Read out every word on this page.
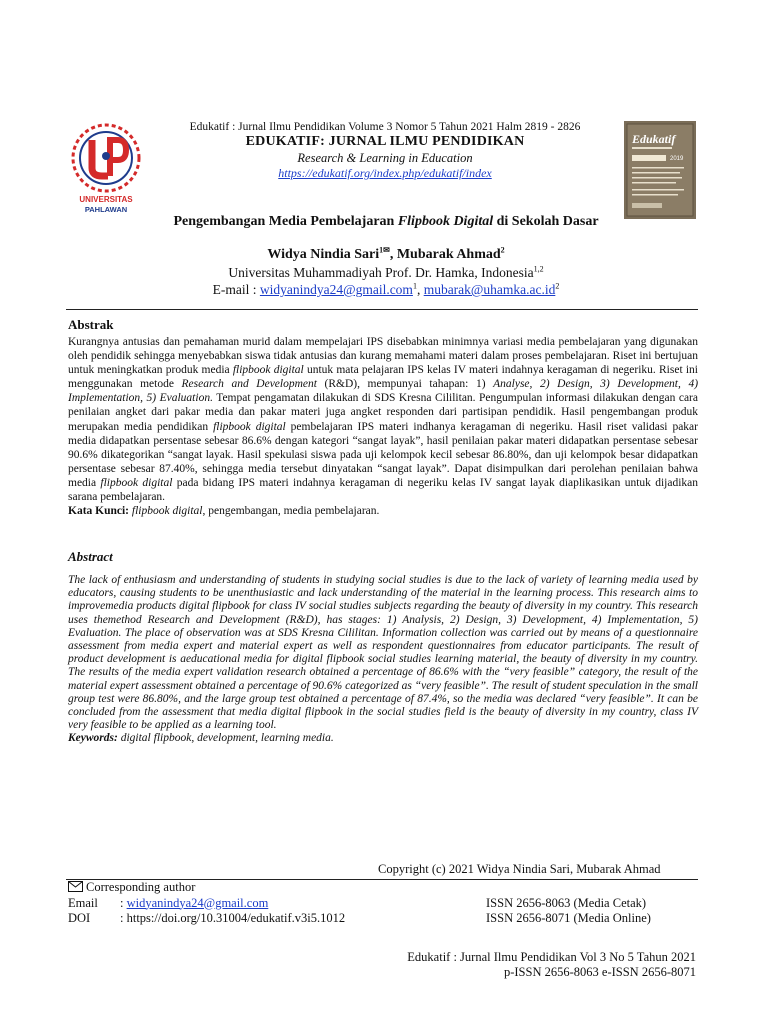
UNIVERSITAS
PAHLAWAN
Edukatif
2019
Edukatif : Jurnal Ilmu Pendidikan Volume 3 Nomor 5 Tahun 2021 Halm 2819 - 2826
EDUKATIF: JURNAL ILMU PENDIDIKAN
Research & Learning in Education
https://edukatif.org/index.php/edukatif/index
Pengembangan Media Pembelajaran Flipbook Digital di Sekolah Dasar
Widya Nindia Sari$^{1✉}$, Mubarak Ahmad$^2$
Universitas Muhammadiyah Prof. Dr. Hamka, Indonesia$^{1,2}$
E-mail : widyanindya24@gmail.com$^1$, $mubarak@uhamka.ac.id^2$
Abstrak
Kurangnya antusias dan pemahaman murid dalam mempelajari IPS disebabkan minimnya variasi media pembelajaran yang digunakan oleh pendidik sehingga menyebabkan siswa tidak antusias dan kurang memahami materi dalam proses pembelajaran. Riset ini bertujuan untuk meningkatkan produk media flipbook digital untuk mata pelajaran IPS kelas IV materi indahnya keragaman di negeriku. Riset ini menggunakan metode Research and Development (R&D), mempunyai tahapan: 1) Analyse, 2) Design, 3) Development, 4) Implementation, 5) Evaluation. Tempat pengamatan dilakukan di SDS Kresna Cililitan. Pengumpulan informasi dilakukan dengan cara penilaian angket dari pakar media dan pakar materi juga angket responden dari partisipan pendidik. Hasil pengembangan produk merupakan media pendidikan flipbook digital pembelajaran IPS materi indhanya keragaman di negeriku. Hasil riset validasi pakar media didapatkan persentase sebesar 86.6% dengan kategori “sangat layak”, hasil penilaian pakar materi didapatkan persentase sebesar 90.6% dikategorikan “sangat layak. Hasil spekulasi siswa pada uji kelompok kecil sebesar 86.80%, dan uji kelompok besar didapatkan persentase sebesar 87.40%, sehingga media tersebut dinyatakan “sangat layak”. Dapat disimpulkan dari perolehan penilaian bahwa media flipbook digital pada bidang IPS materi indahnya keragaman di negeriku kelas IV sangat layak diaplikasikan untuk dijadikan sarana pembelajaran.
Kata Kunci: flipbook digital, pengembangan, media pembelajaran.
Abstract
The lack of enthusiasm and understanding of students in studying social studies is due to the lack of variety of learning media used by educators, causing students to be unenthusiastic and lack understanding of the material in the learning process. This research aims to improvemedia products digital flipbook for class IV social studies subjects regarding the beauty of diversity in my country. This research uses themethod Research and Development (R&D), has stages: 1) Analysis, 2) Design, 3) Development, 4) Implementation, 5) Evaluation. The place of observation was at SDS Kresna Cililitan. Information collection was carried out by means of a questionnaire assessment from media expert and material expert as well as respondent questionnaires from educator participants. The result of product development is aeducational media for digital flipbook social studies learning material, the beauty of diversity in my country. The results of the media expert validation research obtained a percentage of 86.6% with the “very feasible” category, the result of the material expert assessment obtained a percentage of 90.6% categorized as “very feasible”. The result of student speculation in the small group test were 86.80%, and the large group test obtained a percentage of 87.4%, so the media was declared “very feasible”. It can be concluded from the assessment that media digital flipbook in the social studies field is the beauty of diversity in my country, class IV very feasible to be applied as a learning tool.
Keywords: digital flipbook, development, learning media.
Copyright (c) 2021 Widya Nindia Sari, Mubarak Ahmad
Corresponding author
Email : widyanindya24@gmail.com	ISSN 2656-8063 (Media Cetak)
DOI : https://doi.org/10.31004/edukatif.v3i5.1012	ISSN 2656-8071 (Media Online)
Edukatif : Jurnal Ilmu Pendidikan Vol 3 No 5 Tahun 2021
p-ISSN 2656-8063 e-ISSN 2656-8071
